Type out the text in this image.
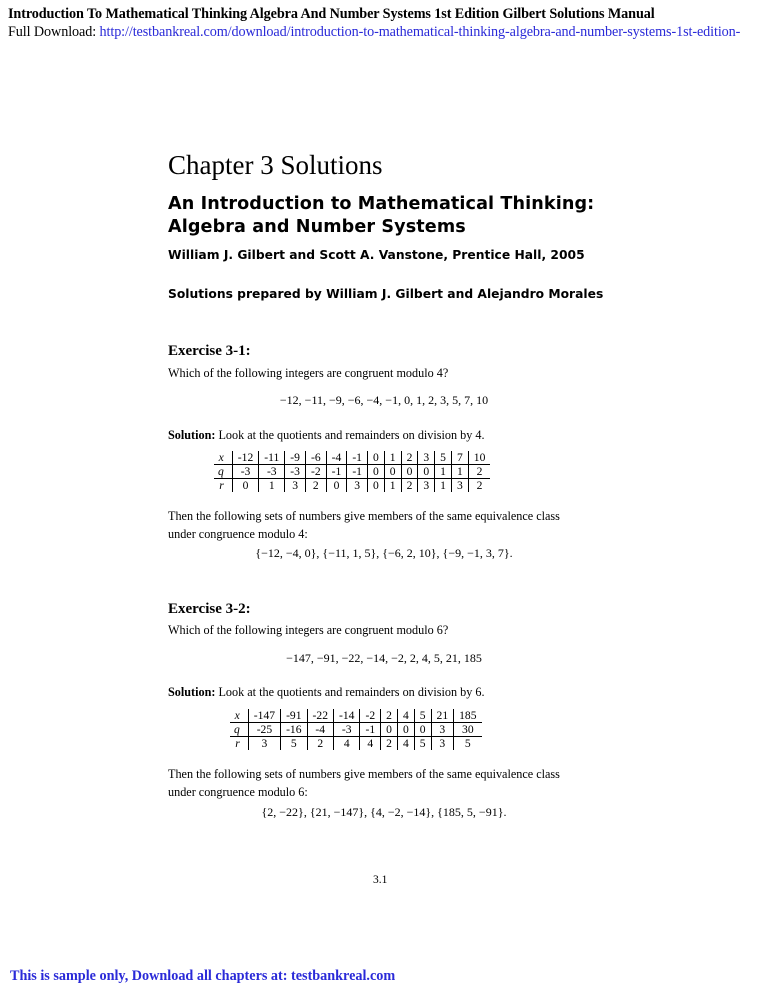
Introduction To Mathematical Thinking Algebra And Number Systems 1st Edition Gilbert Solutions Manual
Full Download: http://testbankreal.com/download/introduction-to-mathematical-thinking-algebra-and-number-systems-1st-edition-
Chapter 3 Solutions
An Introduction to Mathematical Thinking:
Algebra and Number Systems
William J. Gilbert and Scott A. Vanstone, Prentice Hall, 2005
Solutions prepared by William J. Gilbert and Alejandro Morales
Exercise 3-1:
Which of the following integers are congruent modulo 4?
−12, −11, −9, −6, −4, −1, 0, 1, 2, 3, 5, 7, 10
Solution: Look at the quotients and remainders on division by 4.
x	-12	-11	-9	-6	-4	-1	0	1	2	3	5	7	10
q	-3	-3	-3	-2	-1	-1	0	0	0	0	1	1	2
r	0	1	3	2	0	3	0	1	2	3	1	3	2
Then the following sets of numbers give members of the same equivalence class
under congruence modulo 4:
{−12, −4, 0}, {−11, 1, 5}, {−6, 2, 10}, {−9, −1, 3, 7}.
Exercise 3-2:
Which of the following integers are congruent modulo 6?
−147, −91, −22, −14, −2, 2, 4, 5, 21, 185
Solution: Look at the quotients and remainders on division by 6.
x	-147	-91	-22	-14	-2	2	4	5	21	185
q	-25	-16	-4	-3	-1	0	0	0	3	30
r	3	5	2	4	4	2	4	5	3	5
Then the following sets of numbers give members of the same equivalence class
under congruence modulo 6:
{2, −22}, {21, −147}, {4, −2, −14}, {185, 5, −91}.
3.1
This is sample only, Download all chapters at: testbankreal.com
